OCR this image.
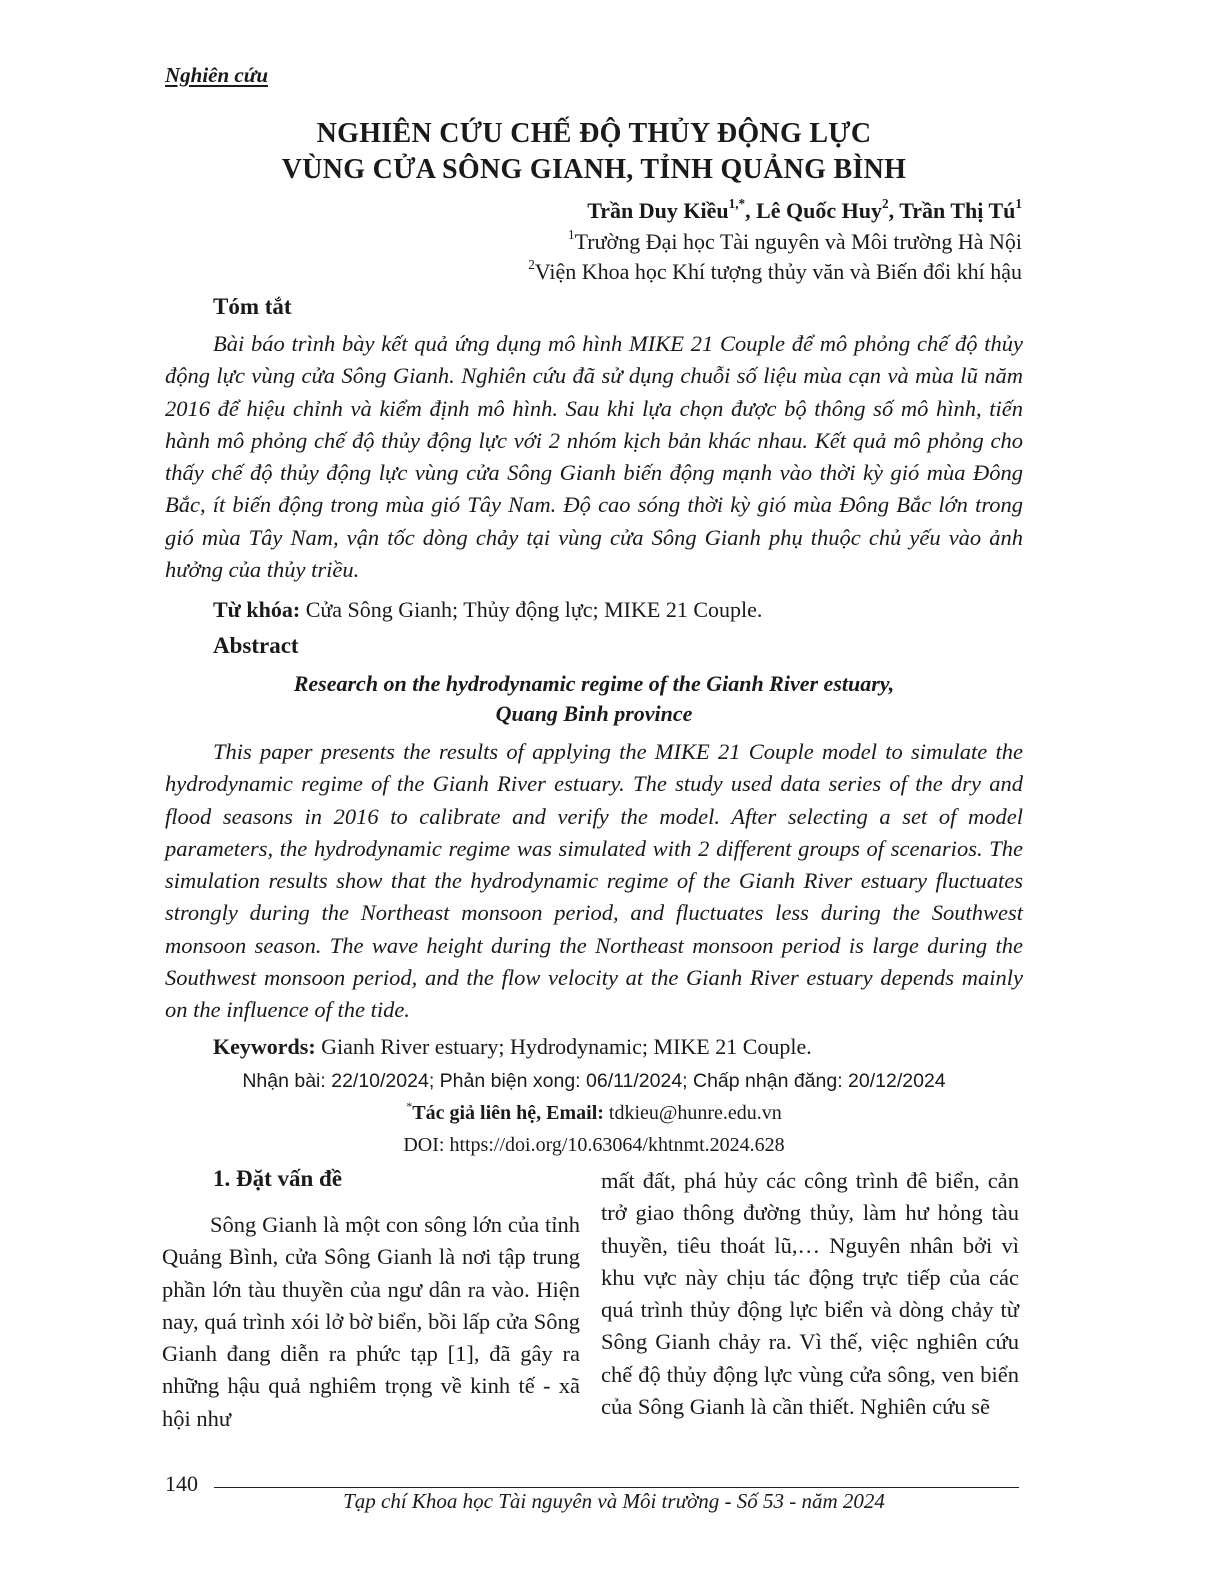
Nghiên cứu
NGHIÊN CỨU CHẾ ĐỘ THỦY ĐỘNG LỰC
VÙNG CỬA SÔNG GIANH, TỈNH QUẢNG BÌNH
Trần Duy Kiều$^{1,*}$, Lê Quốc Huy$^2$, Trần Thị $Tú^1$
$^1$Trường Đại học Tài nguyên và Môi trường Hà Nội
$^2$Viện Khoa học Khí tượng thủy văn và Biến đổi khí hậu
Tóm tắt
Bài báo trình bày kết quả ứng dụng mô hình MIKE 21 Couple để mô phỏng chế độ thủy động lực vùng cửa Sông Gianh. Nghiên cứu đã sử dụng chuỗi số liệu mùa cạn và mùa lũ năm 2016 để hiệu chỉnh và kiểm định mô hình. Sau khi lựa chọn được bộ thông số mô hình, tiến hành mô phỏng chế độ thủy động lực với 2 nhóm kịch bản khác nhau. Kết quả mô phỏng cho thấy chế độ thủy động lực vùng cửa Sông Gianh biến động mạnh vào thời kỳ gió mùa Đông Bắc, ít biến động trong mùa gió Tây Nam. Độ cao sóng thời kỳ gió mùa Đông Bắc lớn trong gió mùa Tây Nam, vận tốc dòng chảy tại vùng cửa Sông Gianh phụ thuộc chủ yếu vào ảnh hưởng của thủy triều.
Từ khóa: Cửa Sông Gianh; Thủy động lực; MIKE 21 Couple.
Abstract
Research on the hydrodynamic regime of the Gianh River estuary,
Quang Binh province
This paper presents the results of applying the MIKE 21 Couple model to simulate the hydrodynamic regime of the Gianh River estuary. The study used data series of the dry and flood seasons in 2016 to calibrate and verify the model. After selecting a set of model parameters, the hydrodynamic regime was simulated with 2 different groups of scenarios. The simulation results show that the hydrodynamic regime of the Gianh River estuary fluctuates strongly during the Northeast monsoon period, and fluctuates less during the Southwest monsoon season. The wave height during the Northeast monsoon period is large during the Southwest monsoon period, and the flow velocity at the Gianh River estuary depends mainly on the influence of the tide.
Keywords: Gianh River estuary; Hydrodynamic; MIKE 21 Couple.
Nhận bài: 22/10/2024; Phản biện xong: 06/11/2024; Chấp nhận đăng: 20/12/2024
*Tác giả liên hệ, Email: tdkieu@hunre.edu.vn
DOI: https://doi.org/10.63064/khtnmt.2024.628
1. Đặt vấn đề
Sông Gianh là một con sông lớn của tỉnh Quảng Bình, cửa Sông Gianh là nơi tập trung phần lớn tàu thuyền của ngư dân ra vào. Hiện nay, quá trình xói lở bờ biển, bồi lấp cửa Sông Gianh đang diễn ra phức tạp [1], đã gây ra những hậu quả nghiêm trọng về kinh tế - xã hội như
mất đất, phá hủy các công trình đê biển, cản trở giao thông đường thủy, làm hư hỏng tàu thuyền, tiêu thoát lũ,… Nguyên nhân bởi vì khu vực này chịu tác động trực tiếp của các quá trình thủy động lực biển và dòng chảy từ Sông Gianh chảy ra. Vì thế, việc nghiên cứu chế độ thủy động lực vùng cửa sông, ven biển của Sông Gianh là cần thiết. Nghiên cứu sẽ
140
Tạp chí Khoa học Tài nguyên và Môi trường - Số 53 - năm 2024
